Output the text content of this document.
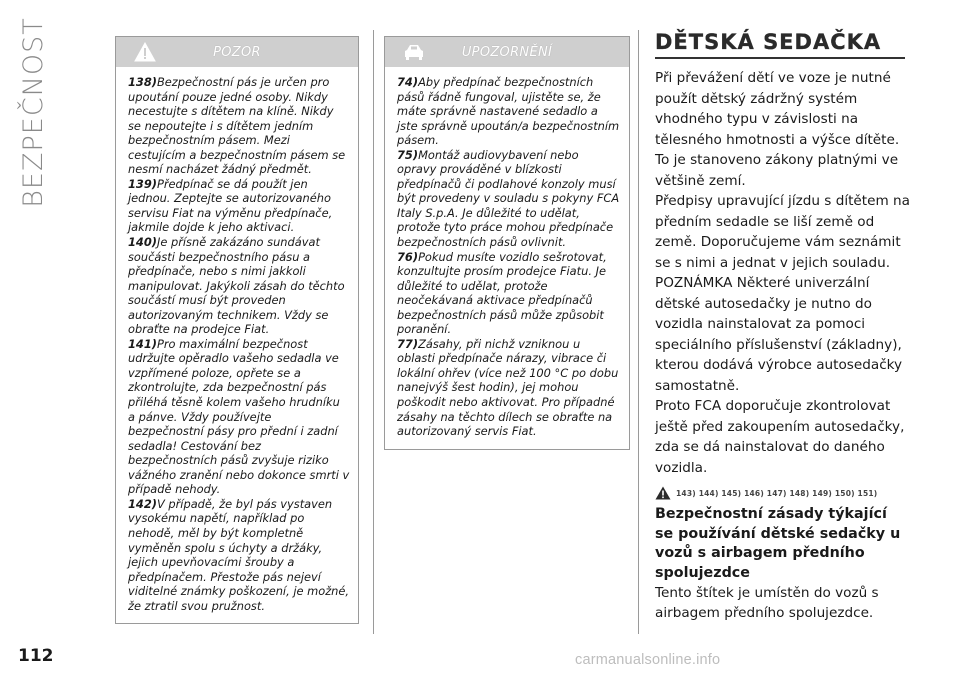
BEZPEČNOST	POZOR

138)Bezpečnostní pás je určen pro upoutání pouze jedné osoby. Nikdy necestujte s dítětem na klíně. Nikdy se nepoutejte i s dítětem jedním bezpečnostním pásem. Mezi cestujícím a bezpečnostním pásem se nesmí nacházet žádný předmět.

139)Předpínač se dá použít jen jednou. Zeptejte se autorizovaného servisu Fiat na výměnu předpínače, jakmile dojde k jeho aktivaci.

140)Je přísně zakázáno sundávat součásti bezpečnostního pásu a předpínače, nebo s nimi jakkoli manipulovat. Jakýkoli zásah do těchto součástí musí být proveden autorizovaným technikem. Vždy se obraťte na prodejce Fiat.

141)Pro maximální bezpečnost udržujte opěradlo vašeho sedadla ve vzpřímené poloze, opřete se a zkontrolujte, zda bezpečnostní pás přiléhá těsně kolem vašeho hrudníku a pánve. Vždy používejte bezpečnostní pásy pro přední i zadní sedadla! Cestování bez bezpečnostních pásů zvyšuje riziko vážného zranění nebo dokonce smrti v případě nehody.

142)V případě, že byl pás vystaven vysokému napětí, například po nehodě, měl by být kompletně vyměněn spolu s úchyty a držáky, jejich upevňovacími šrouby a předpínačem. Přestože pás nejeví viditelné známky poškození, je možné, že ztratil svou pružnost.

UPOZORNĚNÍ

74)Aby předpínač bezpečnostních pásů řádně fungoval, ujistěte se, že máte správně nastavené sedadlo a jste správně upoután/a bezpečnostním pásem.

75)Montáž audiovybavení nebo opravy prováděné v blízkosti předpínačů či podlahové konzoly musí být provedeny v souladu s pokyny FCA Italy S.p.A. Je důležité to udělat, protože tyto práce mohou předpínače bezpečnostních pásů ovlivnit.

76)Pokud musíte vozidlo sešrotovat, konzultujte prosím prodejce Fiatu. Je důležité to udělat, protože neočekávaná aktivace předpínačů bezpečnostních pásů může způsobit poranění.

77)Zásahy, při nichž vzniknou u oblasti předpínače nárazy, vibrace či lokální ohřev (více než 100 °C po dobu nanejvýš šest hodin), jej mohou poškodit nebo aktivovat. Pro případné zásahy na těchto dílech se obraťte na autorizovaný servis Fiat.

DĚTSKÁ SEDAČKA

Při převážení dětí ve voze je nutné použít dětský zádržný systém vhodného typu v závislosti na tělesného hmotnosti a výšce dítěte. To je stanoveno zákony platnými ve většině zemí.

Předpisy upravující jízdu s dítětem na předním sedadle se liší země od země. Doporučujeme vám seznámit se s nimi a jednat v jejich souladu.

POZNÁMKA Některé univerzální dětské autosedačky je nutno do vozidla nainstalovat za pomoci speciálního příslušenství (základny), kterou dodává výrobce autosedačky samostatně.

Proto FCA doporučuje zkontrolovat ještě před zakoupením autosedačky, zda se dá nainstalovat do daného vozidla.

143) 144) 145) 146) 147) 148) 149) 150) 151)
Bezpečnostní zásady týkající se používání dětské sedačky u vozů s airbagem předního spolujezdce

Tento štítek je umístěn do vozů s airbagem předního spolujezdce.

112	carmanualsonline.info
